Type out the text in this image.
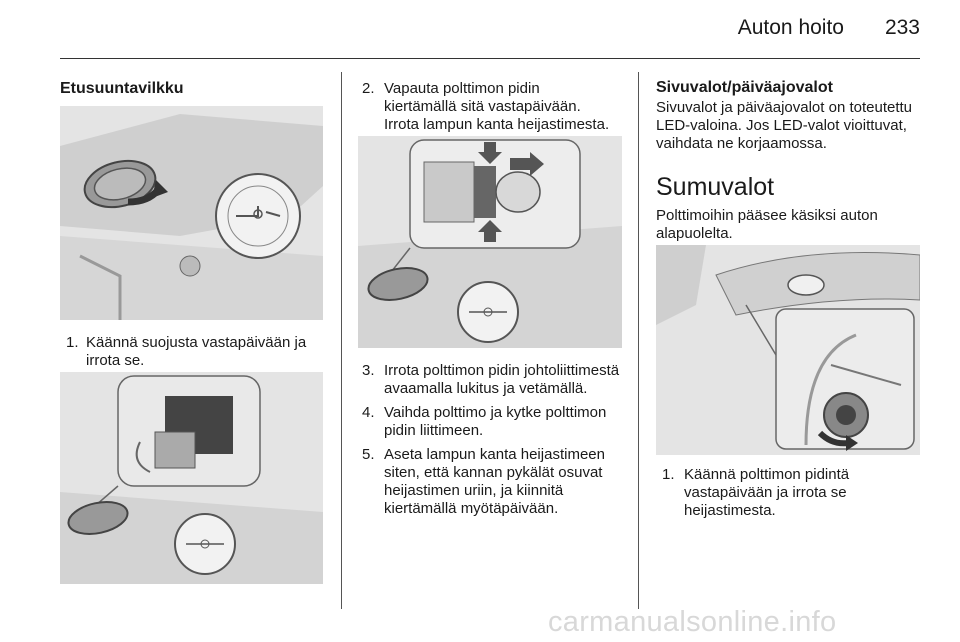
Auton hoito 233
Etusuuntavilkku
1. Käännä suojusta vastapäivään ja irrota se.
2. Vapauta polttimon pidin kiertämällä sitä vastapäivään. Irrota lampun kanta heijastimesta.
3. Irrota polttimon pidin johtoliittimestä avaamalla lukitus ja vetämällä.
4. Vaihda polttimo ja kytke polttimon pidin liittimeen.
5. Aseta lampun kanta heijastimeen siten, että kannan pykälät osuvat heijastimen uriin, ja kiinnitä kiertämällä myötäpäivään.
Sivuvalot/päiväajovalot
Sivuvalot ja päiväajovalot on toteutettu LED-valoina. Jos LED-valot vioittuvat, vaihdata ne korjaamossa.
Sumuvalot
Polttimoihin pääsee käsiksi auton alapuolelta.
1. Käännä polttimon pidintä vastapäivään ja irrota se heijastimesta.
carmanualsonline.info
